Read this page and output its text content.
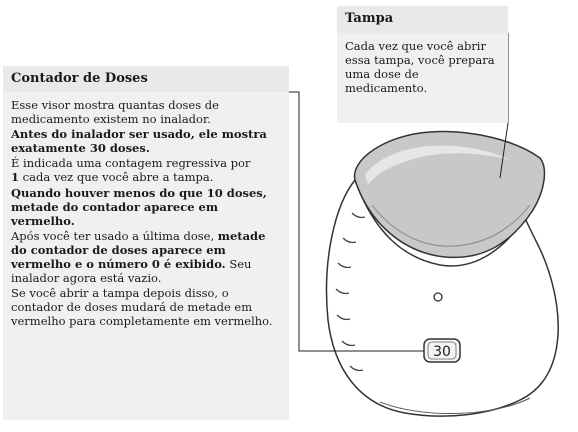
30
Contador de Doses

Esse visor mostra quantas doses de medicamento existem no inalador.

Antes do inalador ser usado, ele mostra exatamente 30 doses.

É indicada uma contagem regressiva por
1 cada vez que você abre a tampa.

Quando houver menos do que 10 doses, metade do contador aparece em vermelho.

Após você ter usado a última dose, metade do contador de doses aparece em vermelho e o número 0 é exibido. Seu inalador agora está vazio.

Se você abrir a tampa depois disso, o contador de doses mudará de metade em vermelho para completamente em vermelho.

Tampa

Cada vez que você abrir essa tampa, você prepara uma dose de medicamento.
